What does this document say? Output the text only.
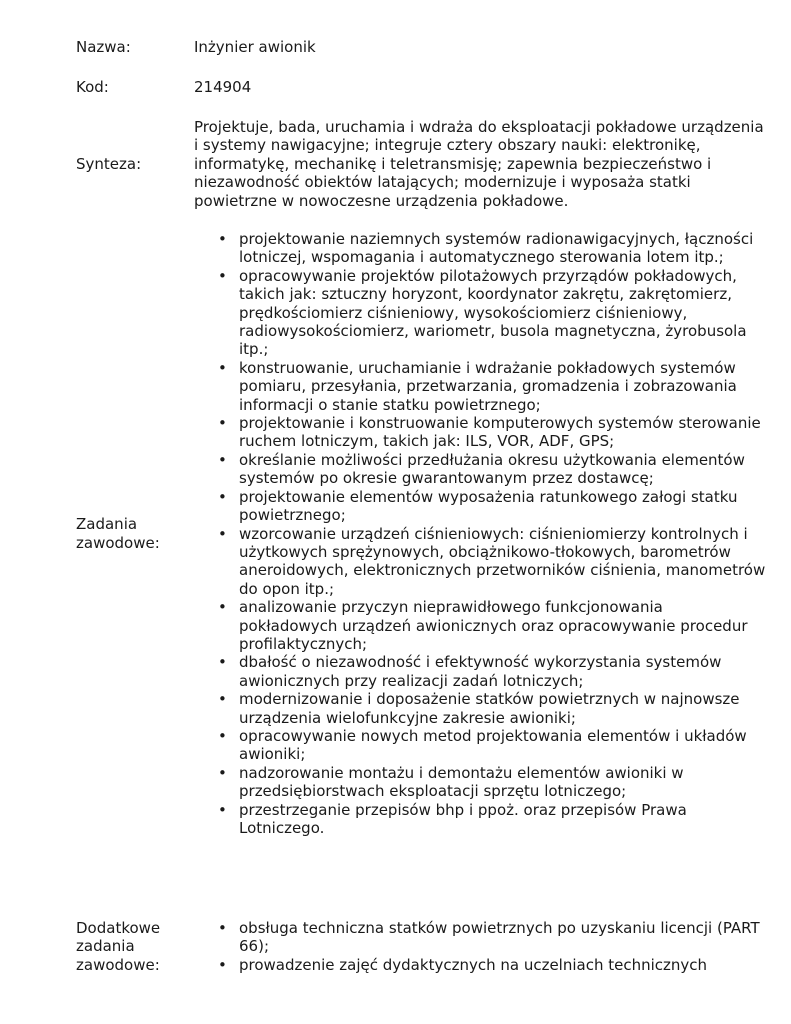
Nazwa:	Inżynier awionik
Kod:	214904
Synteza:
Projektuje, bada, uruchamia i wdraża do eksploatacji pokładowe urządzenia i systemy nawigacyjne; integruje cztery obszary nauki: elektronikę, informatykę, mechanikę i teletransmisję; zapewnia bezpieczeństwo i niezawodność obiektów latających; modernizuje i wyposaża statki powietrzne w nowoczesne urządzenia pokładowe.
Zadania zawodowe:
• projektowanie naziemnych systemów radionawigacyjnych, łączności lotniczej, wspomagania i automatycznego sterowania lotem itp.;
• opracowywanie projektów pilotażowych przyrządów pokładowych, takich jak: sztuczny horyzont, koordynator zakrętu, zakrętomierz, prędkościomierz ciśnieniowy, wysokościomierz ciśnieniowy, radiowysokościomierz, wariometr, busola magnetyczna, żyrobusola itp.;
• konstruowanie, uruchamianie i wdrażanie pokładowych systemów pomiaru, przesyłania, przetwarzania, gromadzenia i zobrazowania informacji o stanie statku powietrznego;
• projektowanie i konstruowanie komputerowych systemów sterowanie ruchem lotniczym, takich jak: ILS, VOR, ADF, GPS;
• określanie możliwości przedłużania okresu użytkowania elementów systemów po okresie gwarantowanym przez dostawcę;
• projektowanie elementów wyposażenia ratunkowego załogi statku powietrznego;
• wzorcowanie urządzeń ciśnieniowych: ciśnieniomierzy kontrolnych i użytkowych sprężynowych, obciążnikowo-tłokowych, barometrów aneroidowych, elektronicznych przetworników ciśnienia, manometrów do opon itp.;
• analizowanie przyczyn nieprawidłowego funkcjonowania pokładowych urządzeń awionicznych oraz opracowywanie procedur profilaktycznych;
• dbałość o niezawodność i efektywność wykorzystania systemów awionicznych przy realizacji zadań lotniczych;
• modernizowanie i doposażenie statków powietrznych w najnowsze urządzenia wielofunkcyjne zakresie awioniki;
• opracowywanie nowych metod projektowania elementów i układów awioniki;
• nadzorowanie montażu i demontażu elementów awioniki w przedsiębiorstwach eksploatacji sprzętu lotniczego;
• przestrzeganie przepisów bhp i ppoż. oraz przepisów Prawa Lotniczego.
Dodatkowe zadania zawodowe:
• obsługa techniczna statków powietrznych po uzyskaniu licencji (PART 66);
• prowadzenie zajęć dydaktycznych na uczelniach technicznych
